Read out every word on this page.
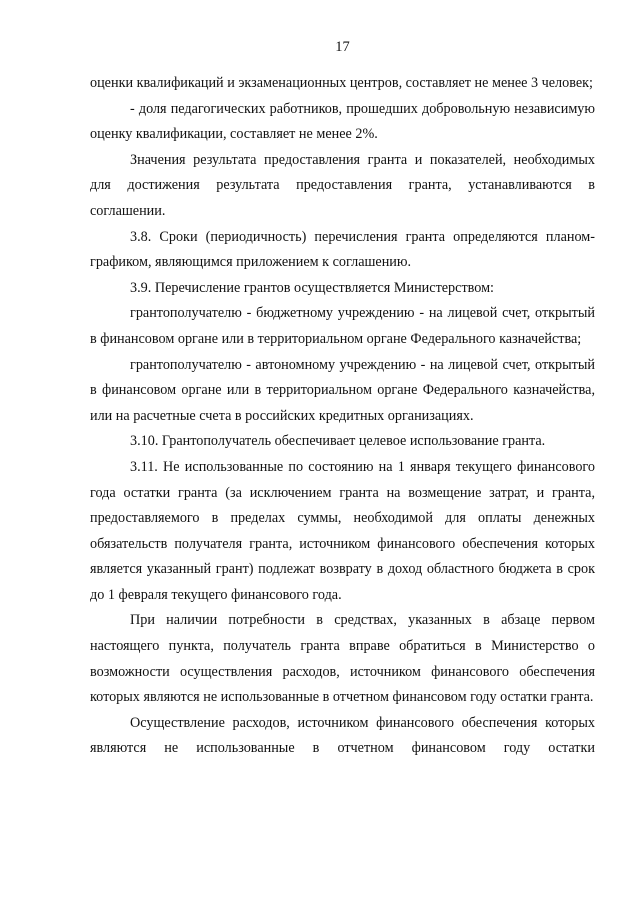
17

оценки квалификаций и экзаменационных центров, составляет не менее 3 человек;

- доля педагогических работников, прошедших добровольную независимую оценку квалификации, составляет не менее 2%.

Значения результата предоставления гранта и показателей, необходимых для достижения результата предоставления гранта, устанавливаются в соглашении.

3.8. Сроки (периодичность) перечисления гранта определяются планом-графиком, являющимся приложением к соглашению.

3.9. Перечисление грантов осуществляется Министерством:

грантополучателю - бюджетному учреждению - на лицевой счет, открытый в финансовом органе или в территориальном органе Федерального казначейства;

грантополучателю - автономному учреждению - на лицевой счет, открытый в финансовом органе или в территориальном органе Федерального казначейства, или на расчетные счета в российских кредитных организациях.

3.10. Грантополучатель обеспечивает целевое использование гранта.

3.11. Не использованные по состоянию на 1 января текущего финансового года остатки гранта (за исключением гранта на возмещение затрат, и гранта, предоставляемого в пределах суммы, необходимой для оплаты денежных обязательств получателя гранта, источником финансового обеспечения которых является указанный грант) подлежат возврату в доход областного бюджета в срок до 1 февраля текущего финансового года.

При наличии потребности в средствах, указанных в абзаце первом настоящего пункта, получатель гранта вправе обратиться в Министерство о возможности осуществления расходов, источником финансового обеспечения которых являются не использованные в отчетном финансовом году остатки гранта.

Осуществление расходов, источником финансового обеспечения которых являются не использованные в отчетном финансовом году остатки
